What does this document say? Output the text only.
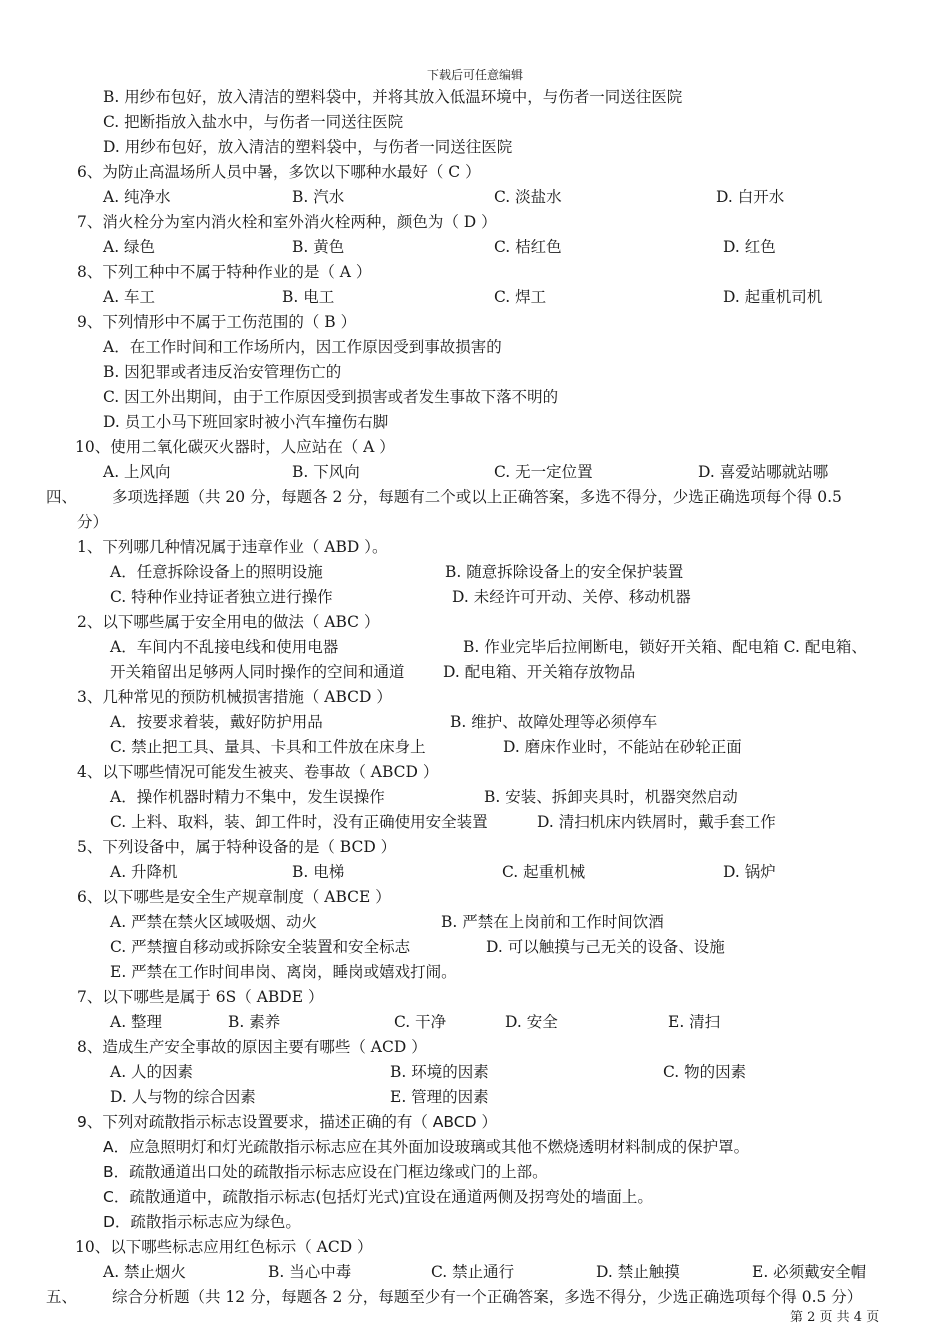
下载后可任意编辑
B. 用纱布包好，放入清洁的塑料袋中，并将其放入低温环境中，与伤者一同送往医院
C. 把断指放入盐水中，与伤者一同送往医院
D. 用纱布包好，放入清洁的塑料袋中，与伤者一同送往医院
6、为防止高温场所人员中暑，多饮以下哪种水最好（ C ）
A. 纯净水	B. 汽水	C. 淡盐水	D. 白开水
7、消火栓分为室内消火栓和室外消火栓两种，颜色为（ D ）
A. 绿色	B. 黄色	C. 桔红色	D. 红色
8、下列工种中不属于特种作业的是（ A ）
A. 车工	B. 电工	C. 焊工	D. 起重机司机
9、下列情形中不属于工伤范围的（ B ）
A．在工作时间和工作场所内，因工作原因受到事故损害的
B. 因犯罪或者违反治安管理伤亡的
C. 因工外出期间，由于工作原因受到损害或者发生事故下落不明的
D. 员工小马下班回家时被小汽车撞伤右脚
10、使用二氧化碳灭火器时，人应站在（ A ）
A. 上风向	B. 下风向	C. 无一定位置	D. 喜爱站哪就站哪
四、 多项选择题（共 20 分，每题各 2 分，每题有二个或以上正确答案，多选不得分，少选正确选项每个得 0.5
分）
1、下列哪几种情况属于违章作业（ ABD ）。
A．任意拆除设备上的照明设施	B. 随意拆除设备上的安全保护装置
C. 特种作业持证者独立进行操作	D. 未经许可开动、关停、移动机器
2、以下哪些属于安全用电的做法（ ABC ）
A．车间内不乱接电线和使用电器	B. 作业完毕后拉闸断电，锁好开关箱、配电箱 C. 配电箱、
开关箱留出足够两人同时操作的空间和通道 D. 配电箱、开关箱存放物品
3、几种常见的预防机械损害措施（ ABCD ）
A．按要求着装，戴好防护用品	B. 维护、故障处理等必须停车
C. 禁止把工具、量具、卡具和工件放在床身上	D. 磨床作业时，不能站在砂轮正面
4、以下哪些情况可能发生被夹、卷事故（ ABCD ）
A．操作机器时精力不集中，发生误操作	B. 安装、拆卸夹具时，机器突然启动
C. 上料、取料，装、卸工件时，没有正确使用安全装置	D. 清扫机床内铁屑时，戴手套工作
5、下列设备中，属于特种设备的是（ BCD ）
A. 升降机	B. 电梯	C. 起重机械	D. 锅炉
6、以下哪些是安全生产规章制度（ ABCE ）
A. 严禁在禁火区域吸烟、动火	B. 严禁在上岗前和工作时间饮酒
C. 严禁擅自移动或拆除安全装置和安全标志	D. 可以触摸与己无关的设备、设施
E. 严禁在工作时间串岗、离岗，睡岗或嬉戏打闹。
7、以下哪些是属于 6S（ ABDE ）
A. 整理	B. 素养	C. 干净	D. 安全	E. 清扫
8、造成生产安全事故的原因主要有哪些（ ACD ）
A. 人的因素	B. 环境的因素	C. 物的因素
D. 人与物的综合因素	E. 管理的因素
9、下列对疏散指示标志设置要求，描述正确的有（ ABCD ）
A．应急照明灯和灯光疏散指示标志应在其外面加设玻璃或其他不燃烧透明材料制成的保护罩。
B．疏散通道出口处的疏散指示标志应设在门框边缘或门的上部。
C．疏散通道中，疏散指示标志(包括灯光式)宜设在通道两侧及拐弯处的墙面上。
D．疏散指示标志应为绿色。
10、以下哪些标志应用红色标示（ ACD ）
A. 禁止烟火	B. 当心中毒	C. 禁止通行	D. 禁止触摸	E. 必须戴安全帽
五、 综合分析题（共 12 分，每题各 2 分，每题至少有一个正确答案，多选不得分，少选正确选项每个得 0.5 分）
第 2 页 共 4 页
